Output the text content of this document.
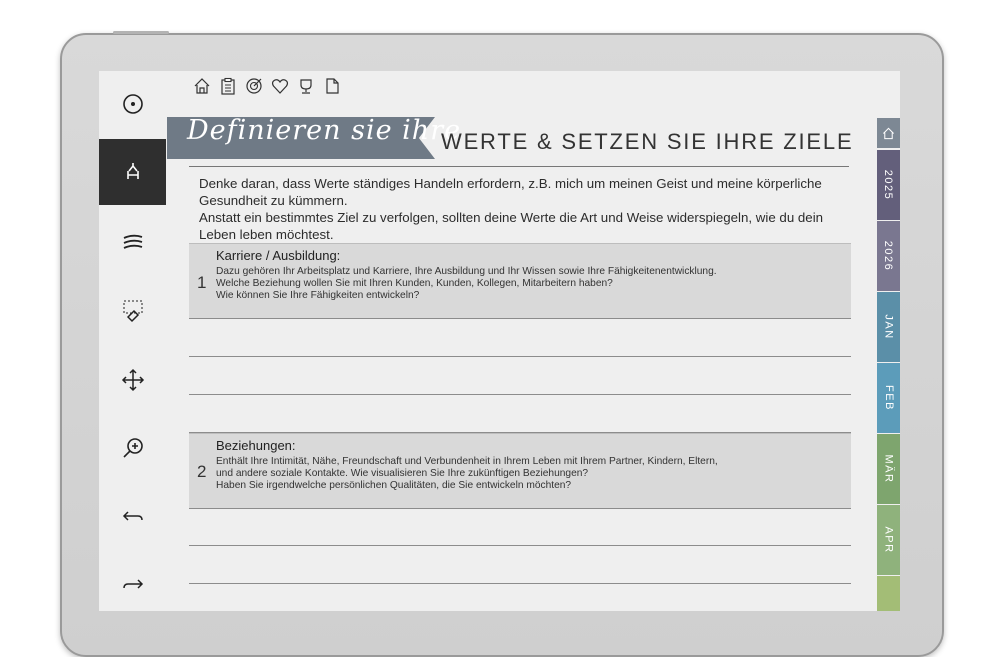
Definieren sie ihre
WERTE & SETZEN SIE IHRE ZIELE
Denke daran, dass Werte ständiges Handeln erfordern, z.B. mich um meinen Geist und meine körperliche Gesundheit zu kümmern.
Anstatt ein bestimmtes Ziel zu verfolgen, sollten deine Werte die Art und Weise widerspiegeln, wie du dein Leben leben möchtest.
1
Karriere / Ausbildung:
Dazu gehören Ihr Arbeitsplatz und Karriere, Ihre Ausbildung und Ihr Wissen sowie Ihre Fähigkeitenentwicklung.
Welche Beziehung wollen Sie mit Ihren Kunden, Kunden, Kollegen, Mitarbeitern haben?
Wie können Sie Ihre Fähigkeiten entwickeln?
2
Beziehungen:
Enthält Ihre Intimität, Nähe, Freundschaft und Verbundenheit in Ihrem Leben mit Ihrem Partner, Kindern, Eltern,
und andere soziale Kontakte. Wie visualisieren Sie Ihre zukünftigen Beziehungen?
Haben Sie irgendwelche persönlichen Qualitäten, die Sie entwickeln möchten?
2025
2026
JAN
FEB
MÄR
APR
